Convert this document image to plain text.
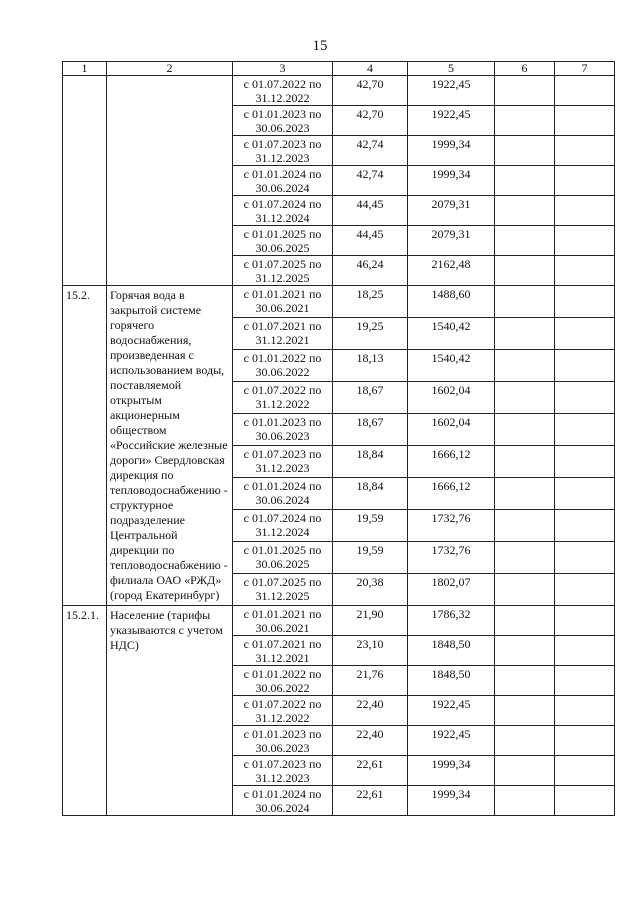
15
1	2	3	4	5	6	7

		с 01.07.2022 по
31.12.2022	42,70	1922,45		

		с 01.01.2023 по
30.06.2023	42,70	1922,45		

		с 01.07.2023 по
31.12.2023	42,74	1999,34		

		с 01.01.2024 по
30.06.2024	42,74	1999,34		

		с 01.07.2024 по
31.12.2024	44,45	2079,31		

		с 01.01.2025 по
30.06.2025	44,45	2079,31		

		с 01.07.2025 по
31.12.2025	46,24	2162,48		
15.2.	Горячая вода в закрытой системе горячего водоснабжения, произведенная с использованием воды, поставляемой открытым акционерным обществом «Российские железные дороги» Свердловская дирекция по тепловодоснабжению - структурное подразделение Центральной дирекции по тепловодоснабжению - филиала ОАО «РЖД» (город Екатеринбург)	с 01.01.2021 по
30.06.2021	18,25	1488,60		

		с 01.07.2021 по
31.12.2021	19,25	1540,42		

		с 01.01.2022 по
30.06.2022	18,13	1540,42		

		с 01.07.2022 по
31.12.2022	18,67	1602,04		

		с 01.01.2023 по
30.06.2023	18,67	1602,04		

		с 01.07.2023 по
31.12.2023	18,84	1666,12		

		с 01.01.2024 по
30.06.2024	18,84	1666,12		

		с 01.07.2024 по
31.12.2024	19,59	1732,76		

		с 01.01.2025 по
30.06.2025	19,59	1732,76		

		с 01.07.2025 по
31.12.2025	20,38	1802,07		
15.2.1.	Население (тарифы указываются с учетом НДС)	с 01.01.2021 по
30.06.2021	21,90	1786,32		

		с 01.07.2021 по
31.12.2021	23,10	1848,50		

		с 01.01.2022 по
30.06.2022	21,76	1848,50		

		с 01.07.2022 по
31.12.2022	22,40	1922,45		

		с 01.01.2023 по
30.06.2023	22,40	1922,45		

		с 01.07.2023 по
31.12.2023	22,61	1999,34		

		с 01.01.2024 по
30.06.2024	22,61	1999,34		
